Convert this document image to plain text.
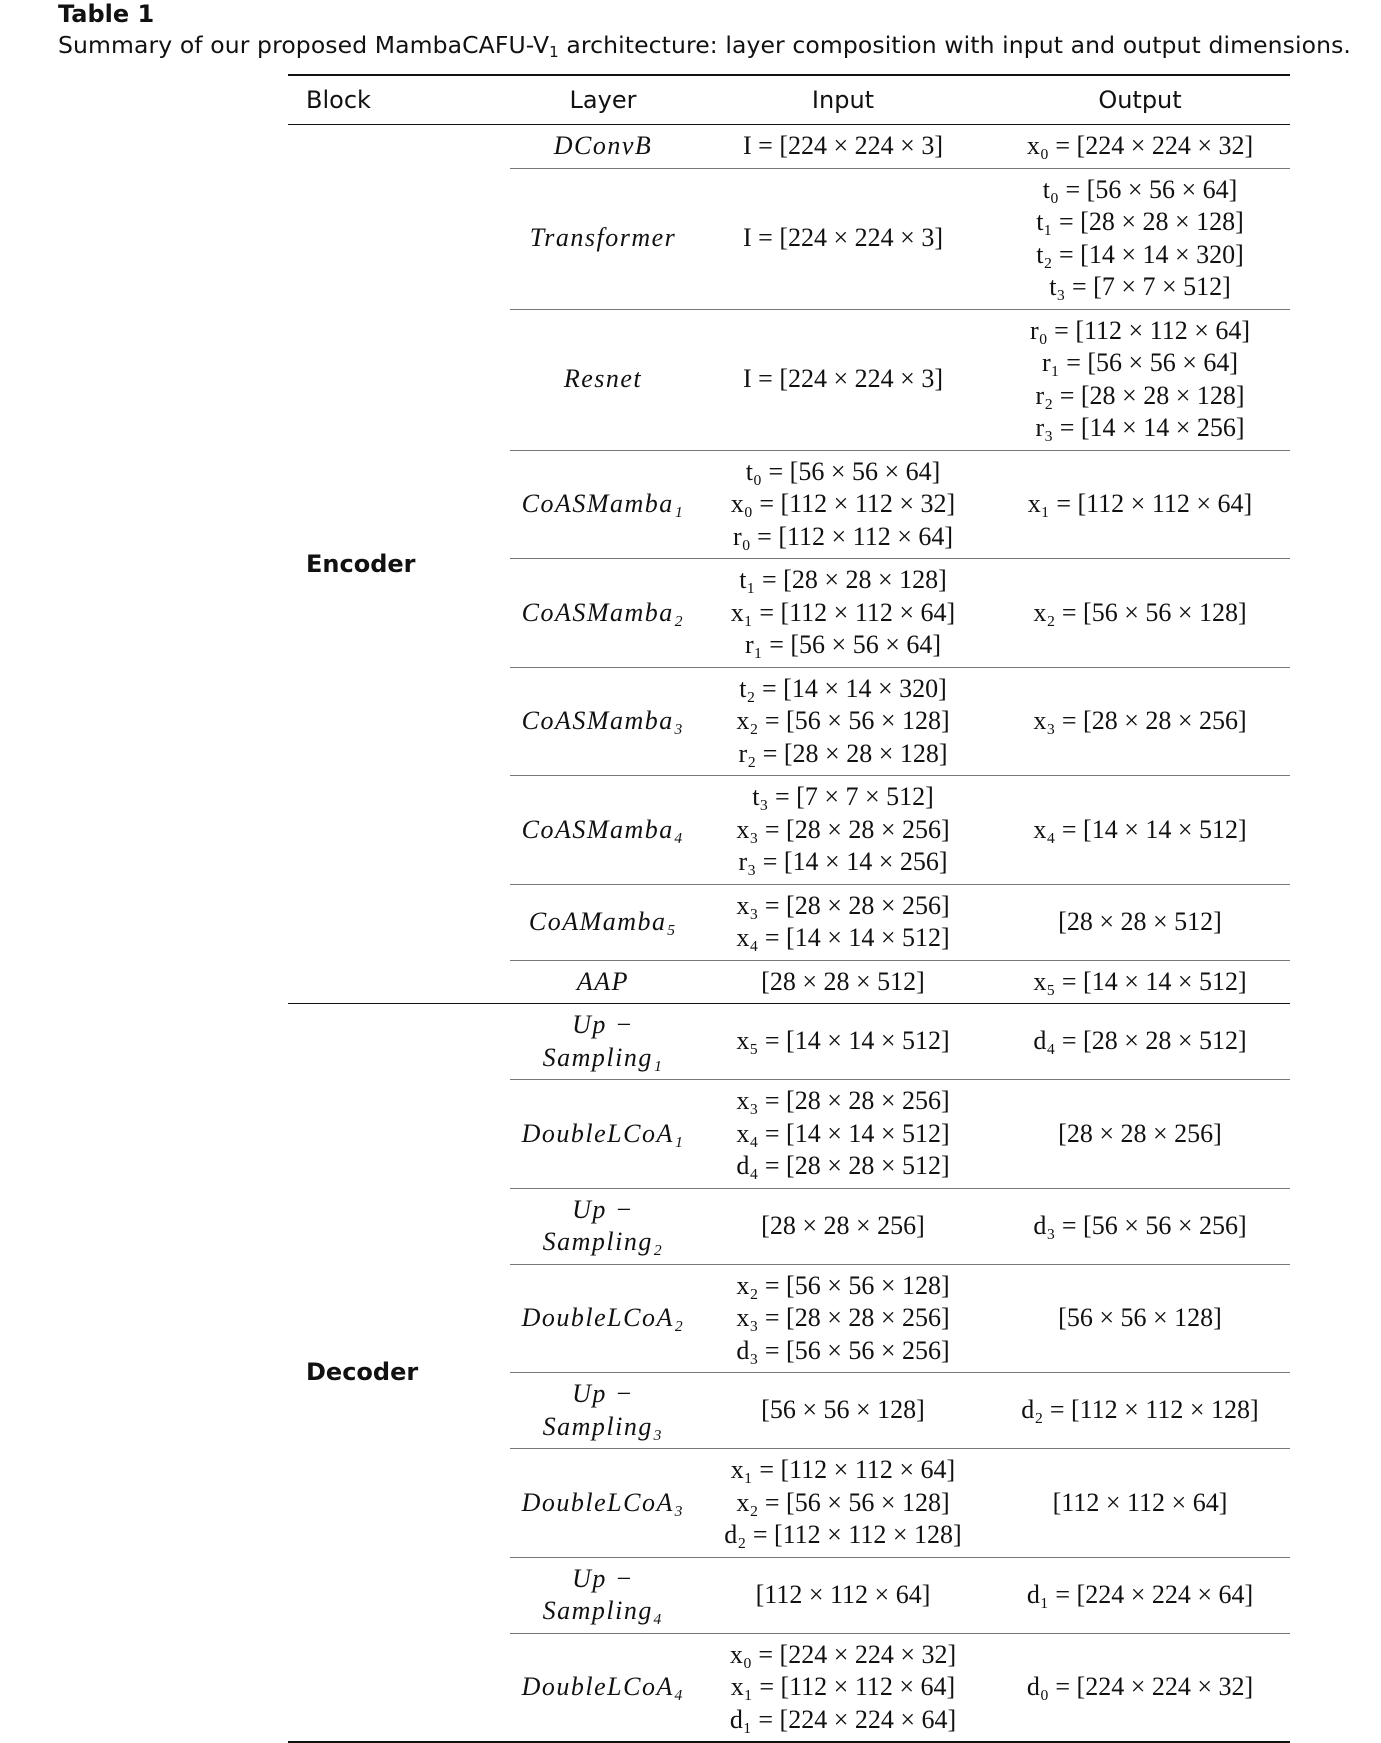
Table 1
Summary of our proposed MambaCAFU-$V_1$ architecture: layer composition with input and output dimensions.
Block	Layer	Input	Output
Encoder	DConvB	I = [224 × 224 × 3]	x₀ = [224 × 224 × 32]

	Transformer	I = [224 × 224 × 3]	t₀ = [56 × 56 × 64]
t₁ = [28 × 28 × 128]
t₂ = [14 × 14 × 320]
t₃ = [7 × 7 × 512]

	Resnet	I = [224 × 224 × 3]	r₀ = [112 × 112 × 64]
r₁ = [56 × 56 × 64]
r₂ = [28 × 28 × 128]
r₃ = [14 × 14 × 256]

	CoASMamba₁	t₀ = [56 × 56 × 64]
x₀ = [112 × 112 × 32]
r₀ = [112 × 112 × 64]	x₁ = [112 × 112 × 64]

	CoASMamba₂	t₁ = [28 × 28 × 128]
x₁ = [112 × 112 × 64]
r₁ = [56 × 56 × 64]	x₂ = [56 × 56 × 128]

	CoASMamba₃	t₂ = [14 × 14 × 320]
x₂ = [56 × 56 × 128]
r₂ = [28 × 28 × 128]	x₃ = [28 × 28 × 256]

	CoASMamba₄	t₃ = [7 × 7 × 512]
x₃ = [28 × 28 × 256]
r₃ = [14 × 14 × 256]	x₄ = [14 × 14 × 512]

	CoAMamba₅	x₃ = [28 × 28 × 256]
x₄ = [14 × 14 × 512]	[28 × 28 × 512]

	AAP	[28 × 28 × 512]	x₅ = [14 × 14 × 512]

Decoder	Up − Sampling₁	x₅ = [14 × 14 × 512]	d₄ = [28 × 28 × 512]

	DoubleLCoA₁	x₃ = [28 × 28 × 256]
x₄ = [14 × 14 × 512]
d₄ = [28 × 28 × 512]	[28 × 28 × 256]

	Up − Sampling₂	[28 × 28 × 256]	d₃ = [56 × 56 × 256]

	DoubleLCoA₂	x₂ = [56 × 56 × 128]
x₃ = [28 × 28 × 256]
d₃ = [56 × 56 × 256]	[56 × 56 × 128]

	Up − Sampling₃	[56 × 56 × 128]	d₂ = [112 × 112 × 128]

	DoubleLCoA₃	x₁ = [112 × 112 × 64]
x₂ = [56 × 56 × 128]
d₂ = [112 × 112 × 128]	[112 × 112 × 64]

	Up − Sampling₄	[112 × 112 × 64]	d₁ = [224 × 224 × 64]

	DoubleLCoA₄	x₀ = [224 × 224 × 32]
x₁ = [112 × 112 × 64]
d₁ = [224 × 224 × 64]	d₀ = [224 × 224 × 32]
